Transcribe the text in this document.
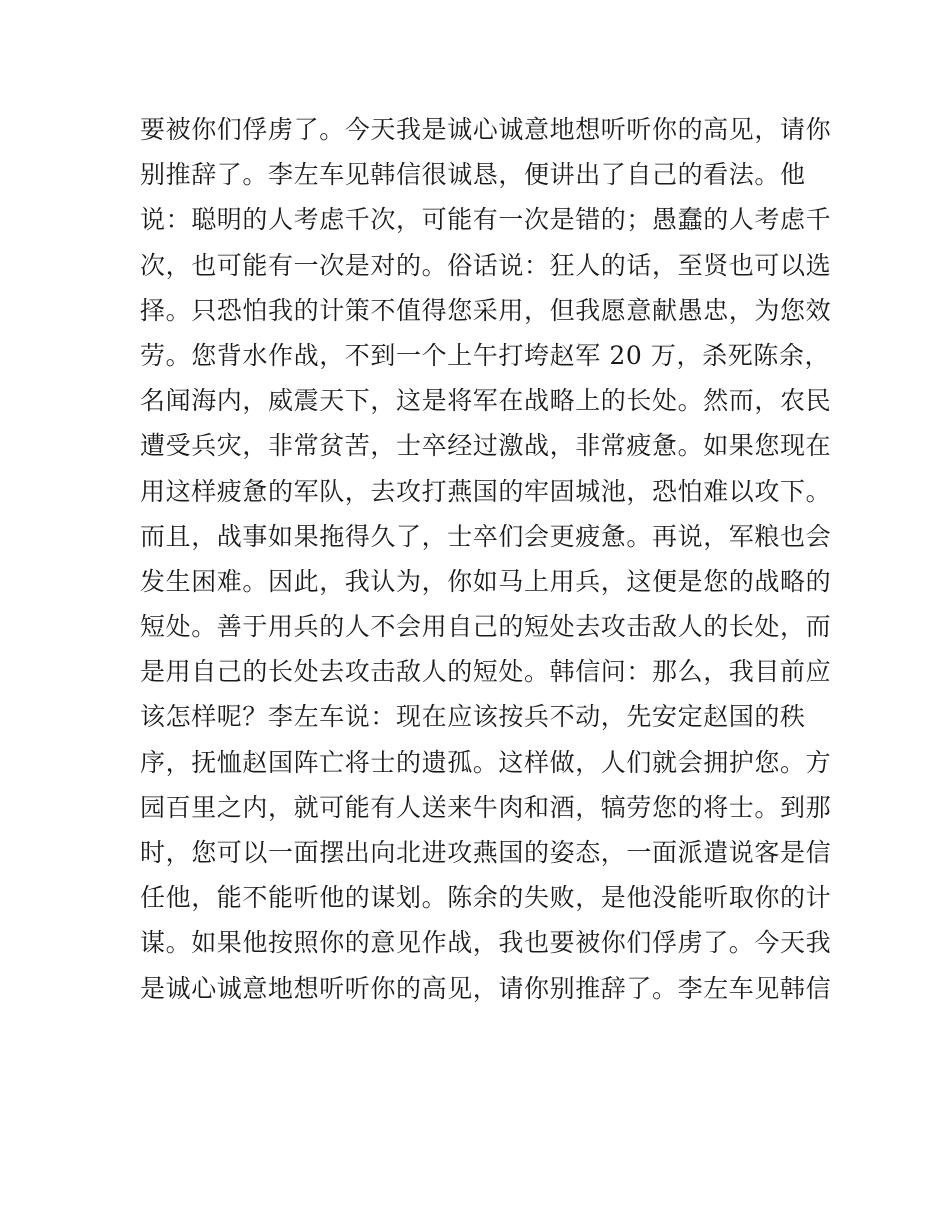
要被你们俘虏了。今天我是诚心诚意地想听听你的高见，请你
别推辞了。李左车见韩信很诚恳，便讲出了自己的看法。他
说：聪明的人考虑千次，可能有一次是错的；愚蠢的人考虑千
次，也可能有一次是对的。俗话说：狂人的话，至贤也可以选
择。只恐怕我的计策不值得您采用，但我愿意献愚忠，为您效
劳。您背水作战，不到一个上午打垮赵军 20 万，杀死陈余，
名闻海内，威震天下，这是将军在战略上的长处。然而，农民
遭受兵灾，非常贫苦，士卒经过激战，非常疲惫。如果您现在
用这样疲惫的军队，去攻打燕国的牢固城池，恐怕难以攻下。
而且，战事如果拖得久了，士卒们会更疲惫。再说，军粮也会
发生困难。因此，我认为，你如马上用兵，这便是您的战略的
短处。善于用兵的人不会用自己的短处去攻击敌人的长处，而
是用自己的长处去攻击敌人的短处。韩信问：那么，我目前应
该怎样呢？李左车说：现在应该按兵不动，先安定赵国的秩
序，抚恤赵国阵亡将士的遗孤。这样做，人们就会拥护您。方
园百里之内，就可能有人送来牛肉和酒，犒劳您的将士。到那
时，您可以一面摆出向北进攻燕国的姿态，一面派遣说客是信
任他，能不能听他的谋划。陈余的失败，是他没能听取你的计
谋。如果他按照你的意见作战，我也要被你们俘虏了。今天我
是诚心诚意地想听听你的高见，请你别推辞了。李左车见韩信
